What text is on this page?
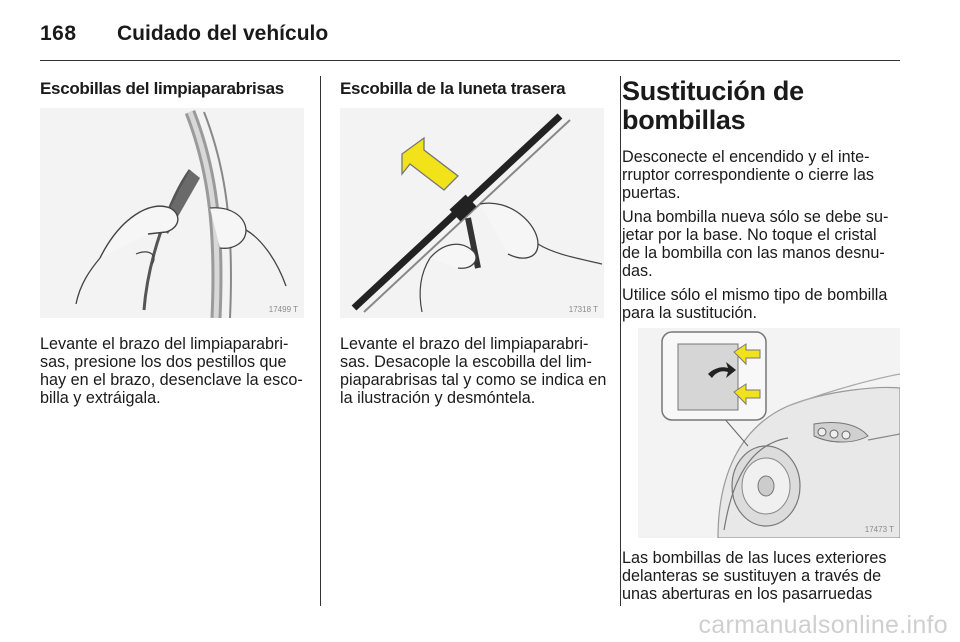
168 Cuidado del vehículo
Escobillas del limpiaparabrisas
17499 T
Levante el brazo del limpiaparabri-
sas, presione los dos pestillos que
hay en el brazo, desenclave la esco-
billa y extráigala.
Escobilla de la luneta trasera
17318 T
Levante el brazo del limpiaparabri-
sas. Desacople la escobilla del lim-
piaparabrisas tal y como se indica en
la ilustración y desmóntela.
Sustitución de
bombillas
Desconecte el encendido y el inte-
rruptor correspondiente o cierre las
puertas.
Una bombilla nueva sólo se debe su-
jetar por la base. No toque el cristal
de la bombilla con las manos desnu-
das.
Utilice sólo el mismo tipo de bombilla
para la sustitución.
17473 T
Las bombillas de las luces exteriores
delanteras se sustituyen a través de
unas aberturas en los pasarruedas
carmanualsonline.info
